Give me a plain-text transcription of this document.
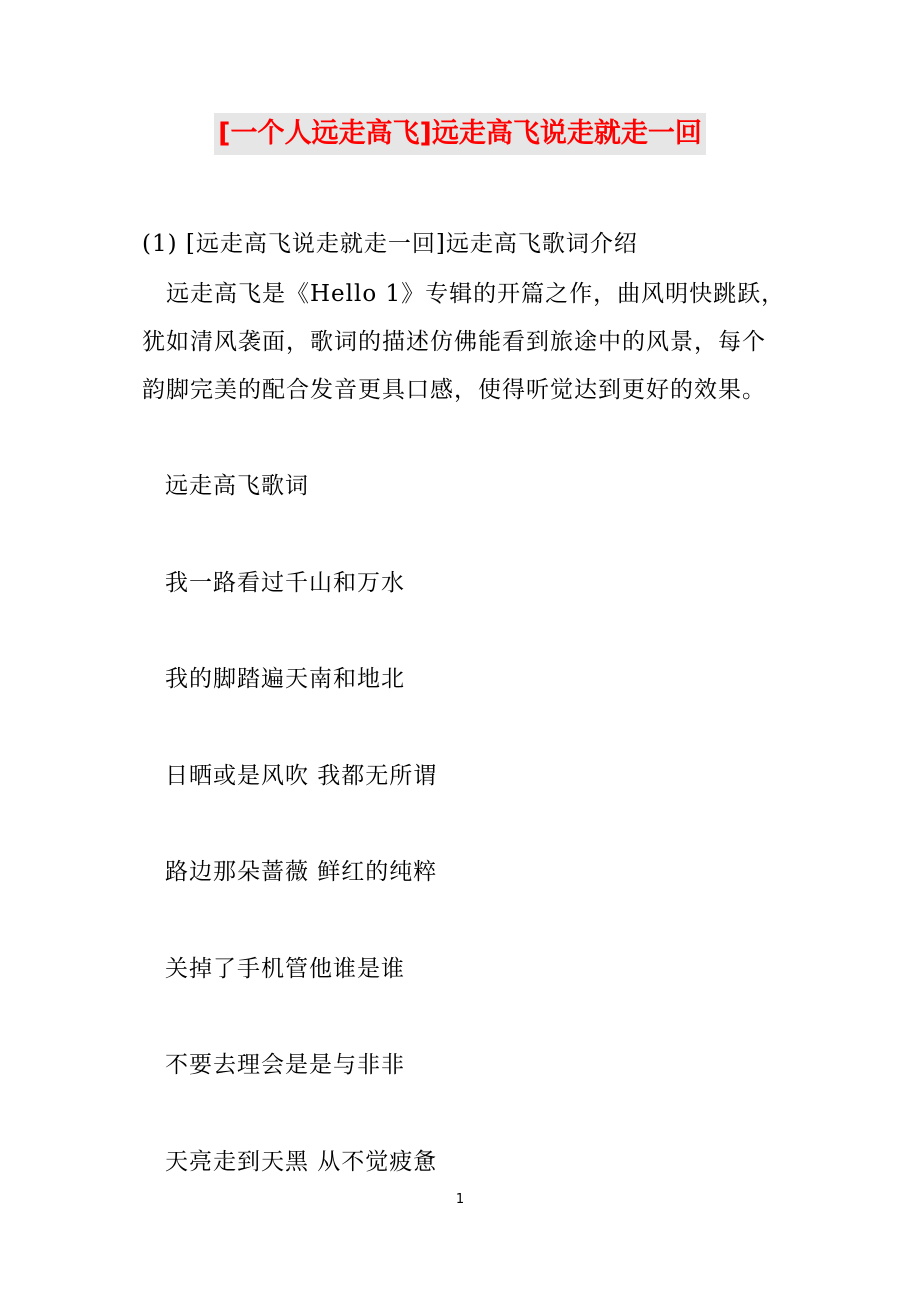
[一个人远走高飞]远走高飞说走就走一回
(1) [远走高飞说走就走一回]远走高飞歌词介绍
　远走高飞是《Hello 1》专辑的开篇之作，曲风明快跳跃，
犹如清风袭面，歌词的描述仿佛能看到旅途中的风景，每个
韵脚完美的配合发音更具口感，使得听觉达到更好的效果。
远走高飞歌词
我一路看过千山和万水
我的脚踏遍天南和地北
日晒或是风吹 我都无所谓
路边那朵蔷薇 鲜红的纯粹
关掉了手机管他谁是谁
不要去理会是是与非非
天亮走到天黑 从不觉疲惫
1
